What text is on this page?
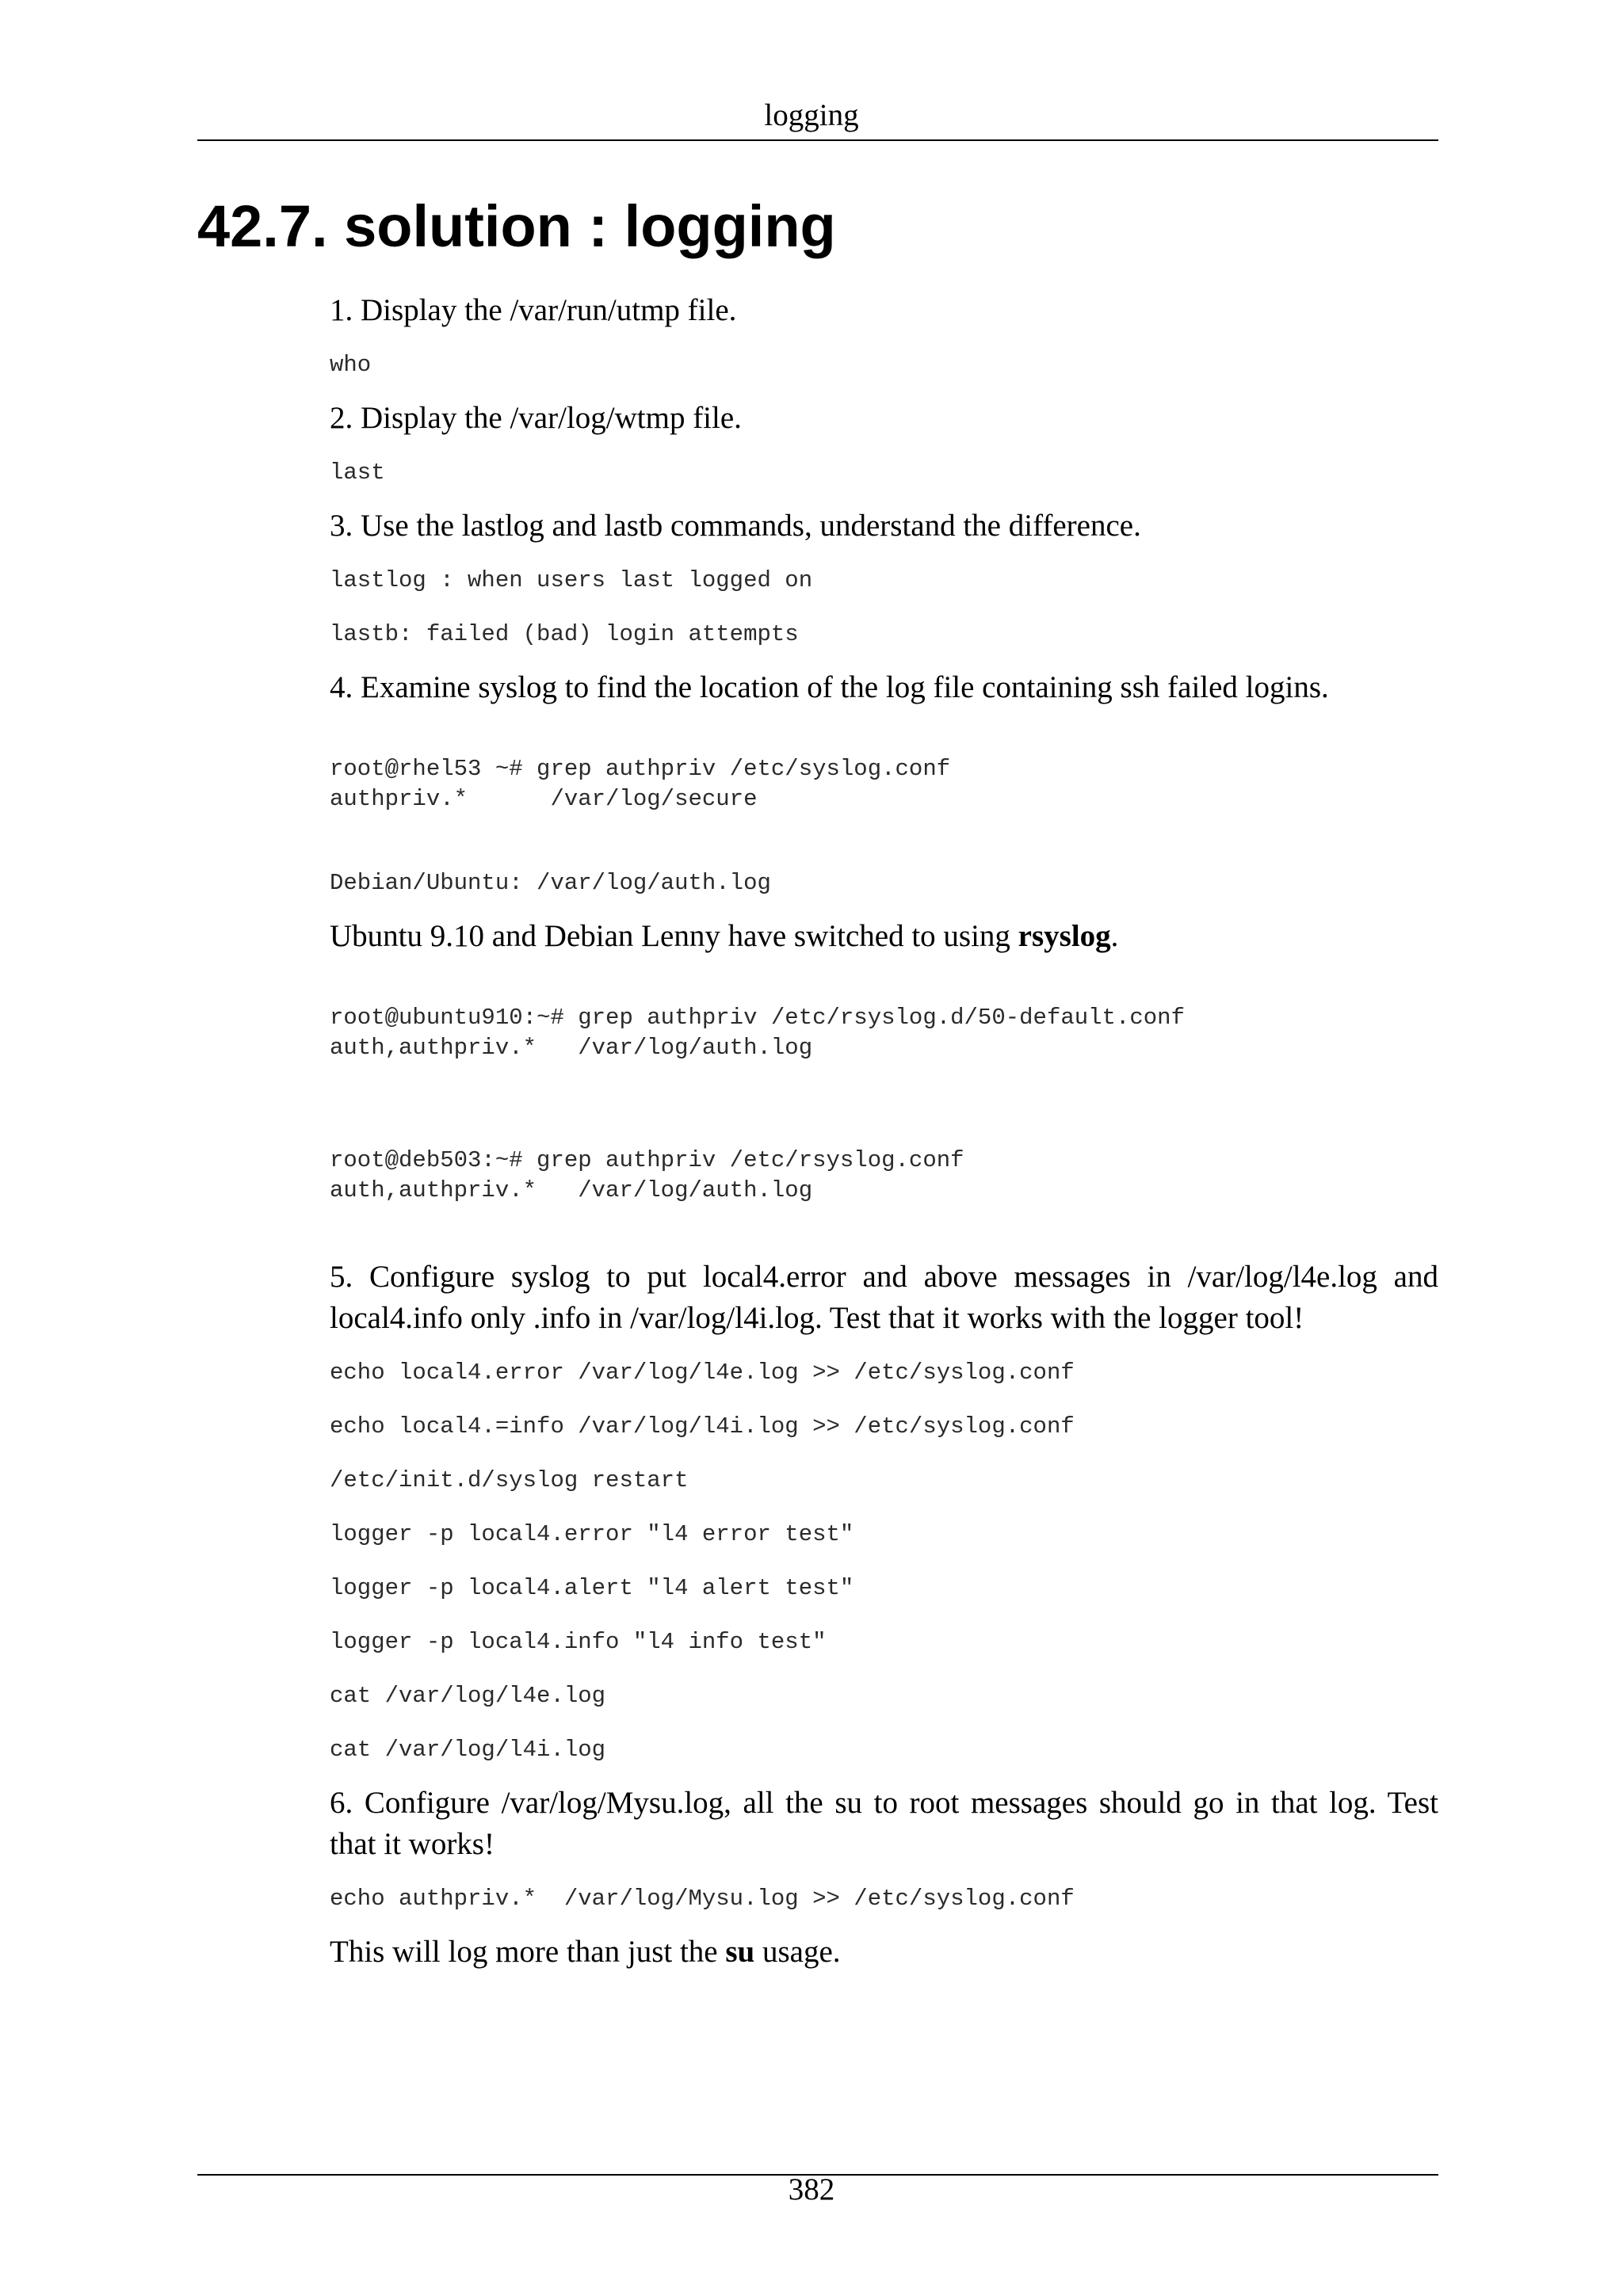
logging
42.7. solution : logging

1. Display the /var/run/utmp file.

who

2. Display the /var/log/wtmp file.

last

3. Use the lastlog and lastb commands, understand the difference.

lastlog : when users last logged on

lastb: failed (bad) login attempts

4. Examine syslog to find the location of the log file containing ssh failed logins.

root@rhel53 ~# grep authpriv /etc/syslog.conf
authpriv.*      /var/log/secure
Debian/Ubuntu: /var/log/auth.log

Ubuntu 9.10 and Debian Lenny have switched to using rsyslog.

root@ubuntu910:~# grep authpriv /etc/rsyslog.d/50-default.conf
auth,authpriv.*   /var/log/auth.log
root@deb503:~# grep authpriv /etc/rsyslog.conf
auth,authpriv.*   /var/log/auth.log

5. Configure syslog to put local4.error and above messages in /var/log/l4e.log and local4.info only .info in /var/log/l4i.log. Test that it works with the logger tool!

echo local4.error /var/log/l4e.log >> /etc/syslog.conf

echo local4.=info /var/log/l4i.log >> /etc/syslog.conf

/etc/init.d/syslog restart

logger -p local4.error "l4 error test"

logger -p local4.alert "l4 alert test"

logger -p local4.info "l4 info test"

cat /var/log/l4e.log

cat /var/log/l4i.log

6. Configure /var/log/Mysu.log, all the su to root messages should go in that log. Test that it works!

echo authpriv.*  /var/log/Mysu.log >> /etc/syslog.conf

This will log more than just the su usage.

382
